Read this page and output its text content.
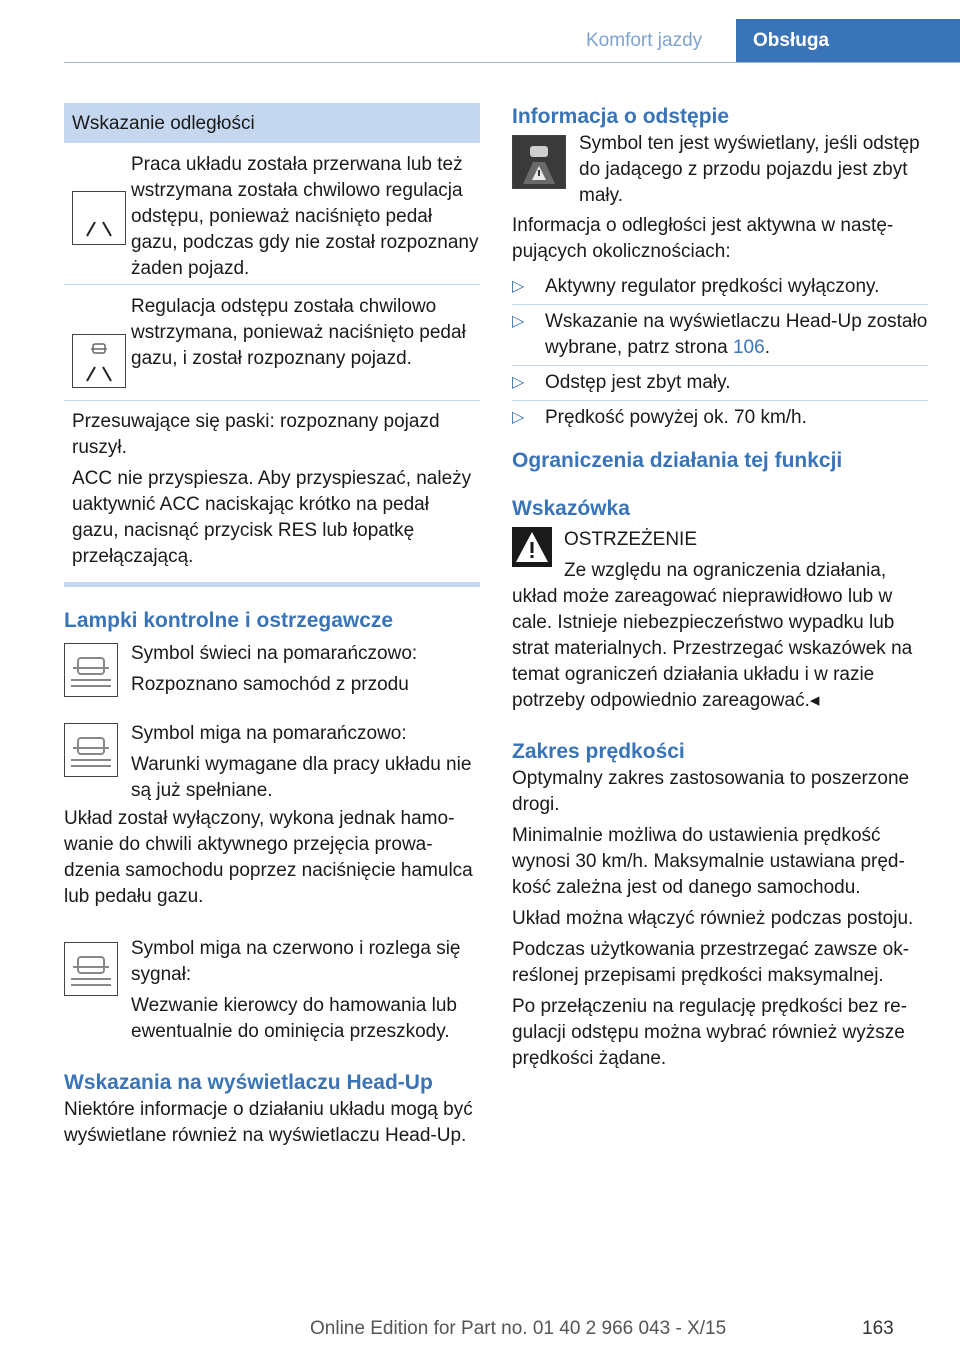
Komfort jazdy	Obsługa
Wskazanie odległości
Praca układu została przerwana lub też wstrzymana została chwilowo regulacja odstępu, ponieważ naciśnięto pedał gazu, podczas gdy nie został rozpoznany żaden pojazd.
Regulacja odstępu została chwilowo wstrzymana, ponieważ naciśnięto pedał gazu, i został rozpoznany pojazd.

Przesuwające się paski: rozpoznany pojazd ruszył.

ACC nie przyspiesza. Aby przyspieszać, należy uaktywnić ACC naciskając krótko na pedał gazu, nacisnąć przycisk RES lub łopatkę przełączającą.

Lampki kontrolne i ostrzegawcze

Symbol świeci na pomarańczowo:

Rozpoznano samochód z przodu

Symbol miga na pomarańczowo:

Warunki wymagane dla pracy układu nie są już spełniane.

Układ został wyłączony, wykona jednak hamowanie do chwili aktywnego przejęcia prowadzenia samochodu poprzez naciśnięcie hamulca lub pedału gazu.

Symbol miga na czerwono i rozlega się sygnał:

Wezwanie kierowcy do hamowania lub ewentualnie do ominięcia przeszkody.

Wskazania na wyświetlaczu Head-Up

Niektóre informacje o działaniu układu mogą być wyświetlane również na wyświetlaczu Head-Up.

Informacja o odstępie

Symbol ten jest wyświetlany, jeśli odstęp do jadącego z przodu pojazdu jest zbyt mały.

Informacja o odległości jest aktywna w następujących okolicznościach:

▷ Aktywny regulator prędkości wyłączony.
▷ Wskazanie na wyświetlaczu Head-Up zostało wybrane, patrz strona 106.
▷ Odstęp jest zbyt mały.
▷ Prędkość powyżej ok. 70 km/h.

Ograniczenia działania tej funkcji

Wskazówka

OSTRZEŻENIE

Ze względu na ograniczenia działania, układ może zareagować nieprawidłowo lub w cale. Istnieje niebezpieczeństwo wypadku lub strat materialnych. Przestrzegać wskazówek na temat ograniczeń działania układu i w razie potrzeby odpowiednio zareagować.◂

Zakres prędkości

Optymalny zakres zastosowania to poszerzone drogi.

Minimalnie możliwa do ustawienia prędkość wynosi 30 km/h. Maksymalnie ustawiana prędkość zależna jest od danego samochodu.

Układ można włączyć również podczas postoju.

Podczas użytkowania przestrzegać zawsze określonej przepisami prędkości maksymalnej.

Po przełączeniu na regulację prędkości bez regulacji odstępu można wybrać również wyższe prędkości żądane.

Online Edition for Part no. 01 40 2 966 043 - X/15	163
